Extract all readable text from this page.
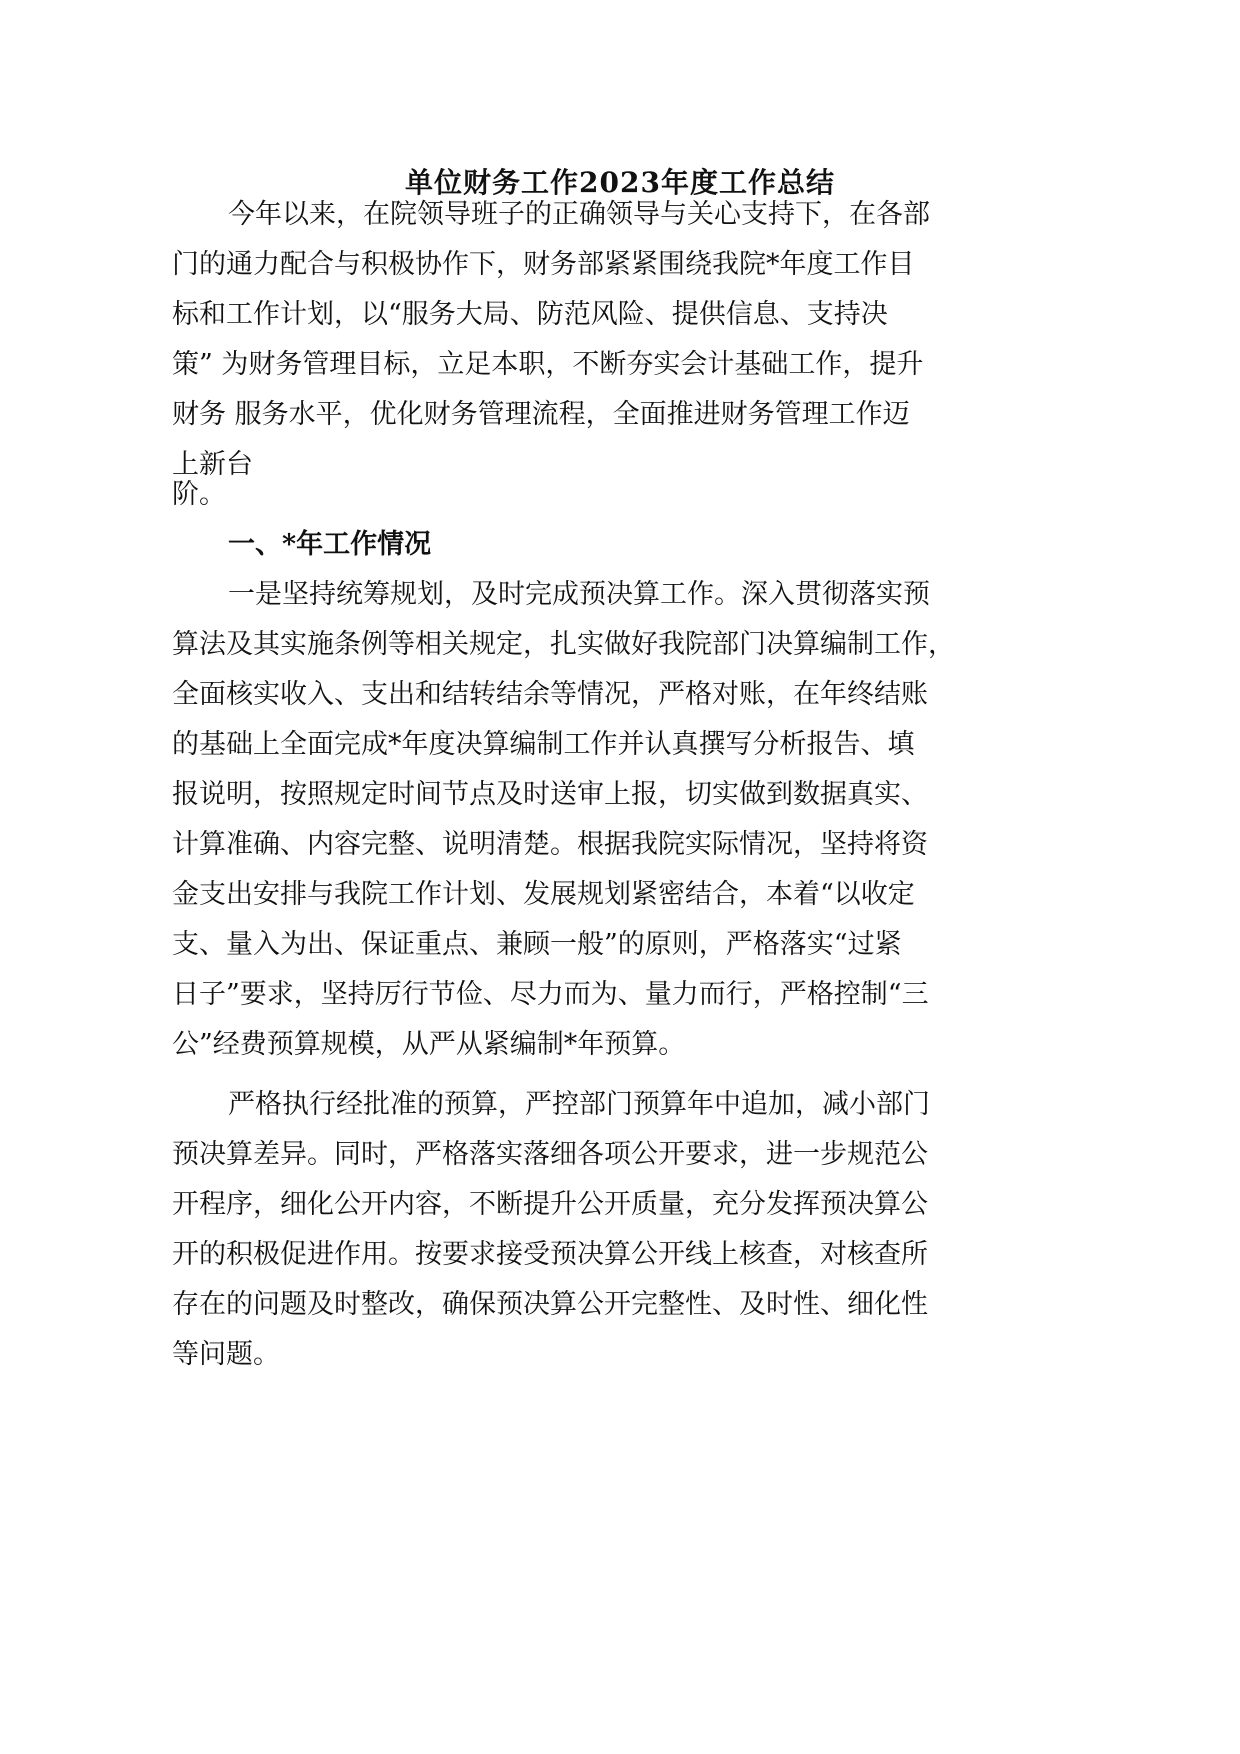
单位财务工作2023年度工作总结

今年以来，在院领导班子的正确领导与关心支持下，在各部

门的通力配合与积极协作下，财务部紧紧围绕我院*年度工作目

标和工作计划，以“服务大局、防范风险、提供信息、支持决

策” 为财务管理目标，立足本职，不断夯实会计基础工作，提升

财务 服务水平，优化财务管理流程，全面推进财务管理工作迈

上新台

阶。

一、*年工作情况

一是坚持统筹规划，及时完成预决算工作。深入贯彻落实预

算法及其实施条例等相关规定，扎实做好我院部门决算编制工作，

全面核实收入、支出和结转结余等情况，严格对账，在年终结账

的基础上全面完成*年度决算编制工作并认真撰写分析报告、填

报说明，按照规定时间节点及时送审上报，切实做到数据真实、

计算准确、内容完整、说明清楚。根据我院实际情况，坚持将资

金支出安排与我院工作计划、发展规划紧密结合，本着“以收定

支、量入为出、保证重点、兼顾一般”的原则，严格落实“过紧

日子”要求，坚持厉行节俭、尽力而为、量力而行，严格控制“三

公”经费预算规模，从严从紧编制*年预算。

严格执行经批准的预算，严控部门预算年中追加，减小部门

预决算差异。同时，严格落实落细各项公开要求，进一步规范公

开程序，细化公开内容，不断提升公开质量，充分发挥预决算公

开的积极促进作用。按要求接受预决算公开线上核查，对核查所

存在的问题及时整改，确保预决算公开完整性、及时性、细化性

等问题。
